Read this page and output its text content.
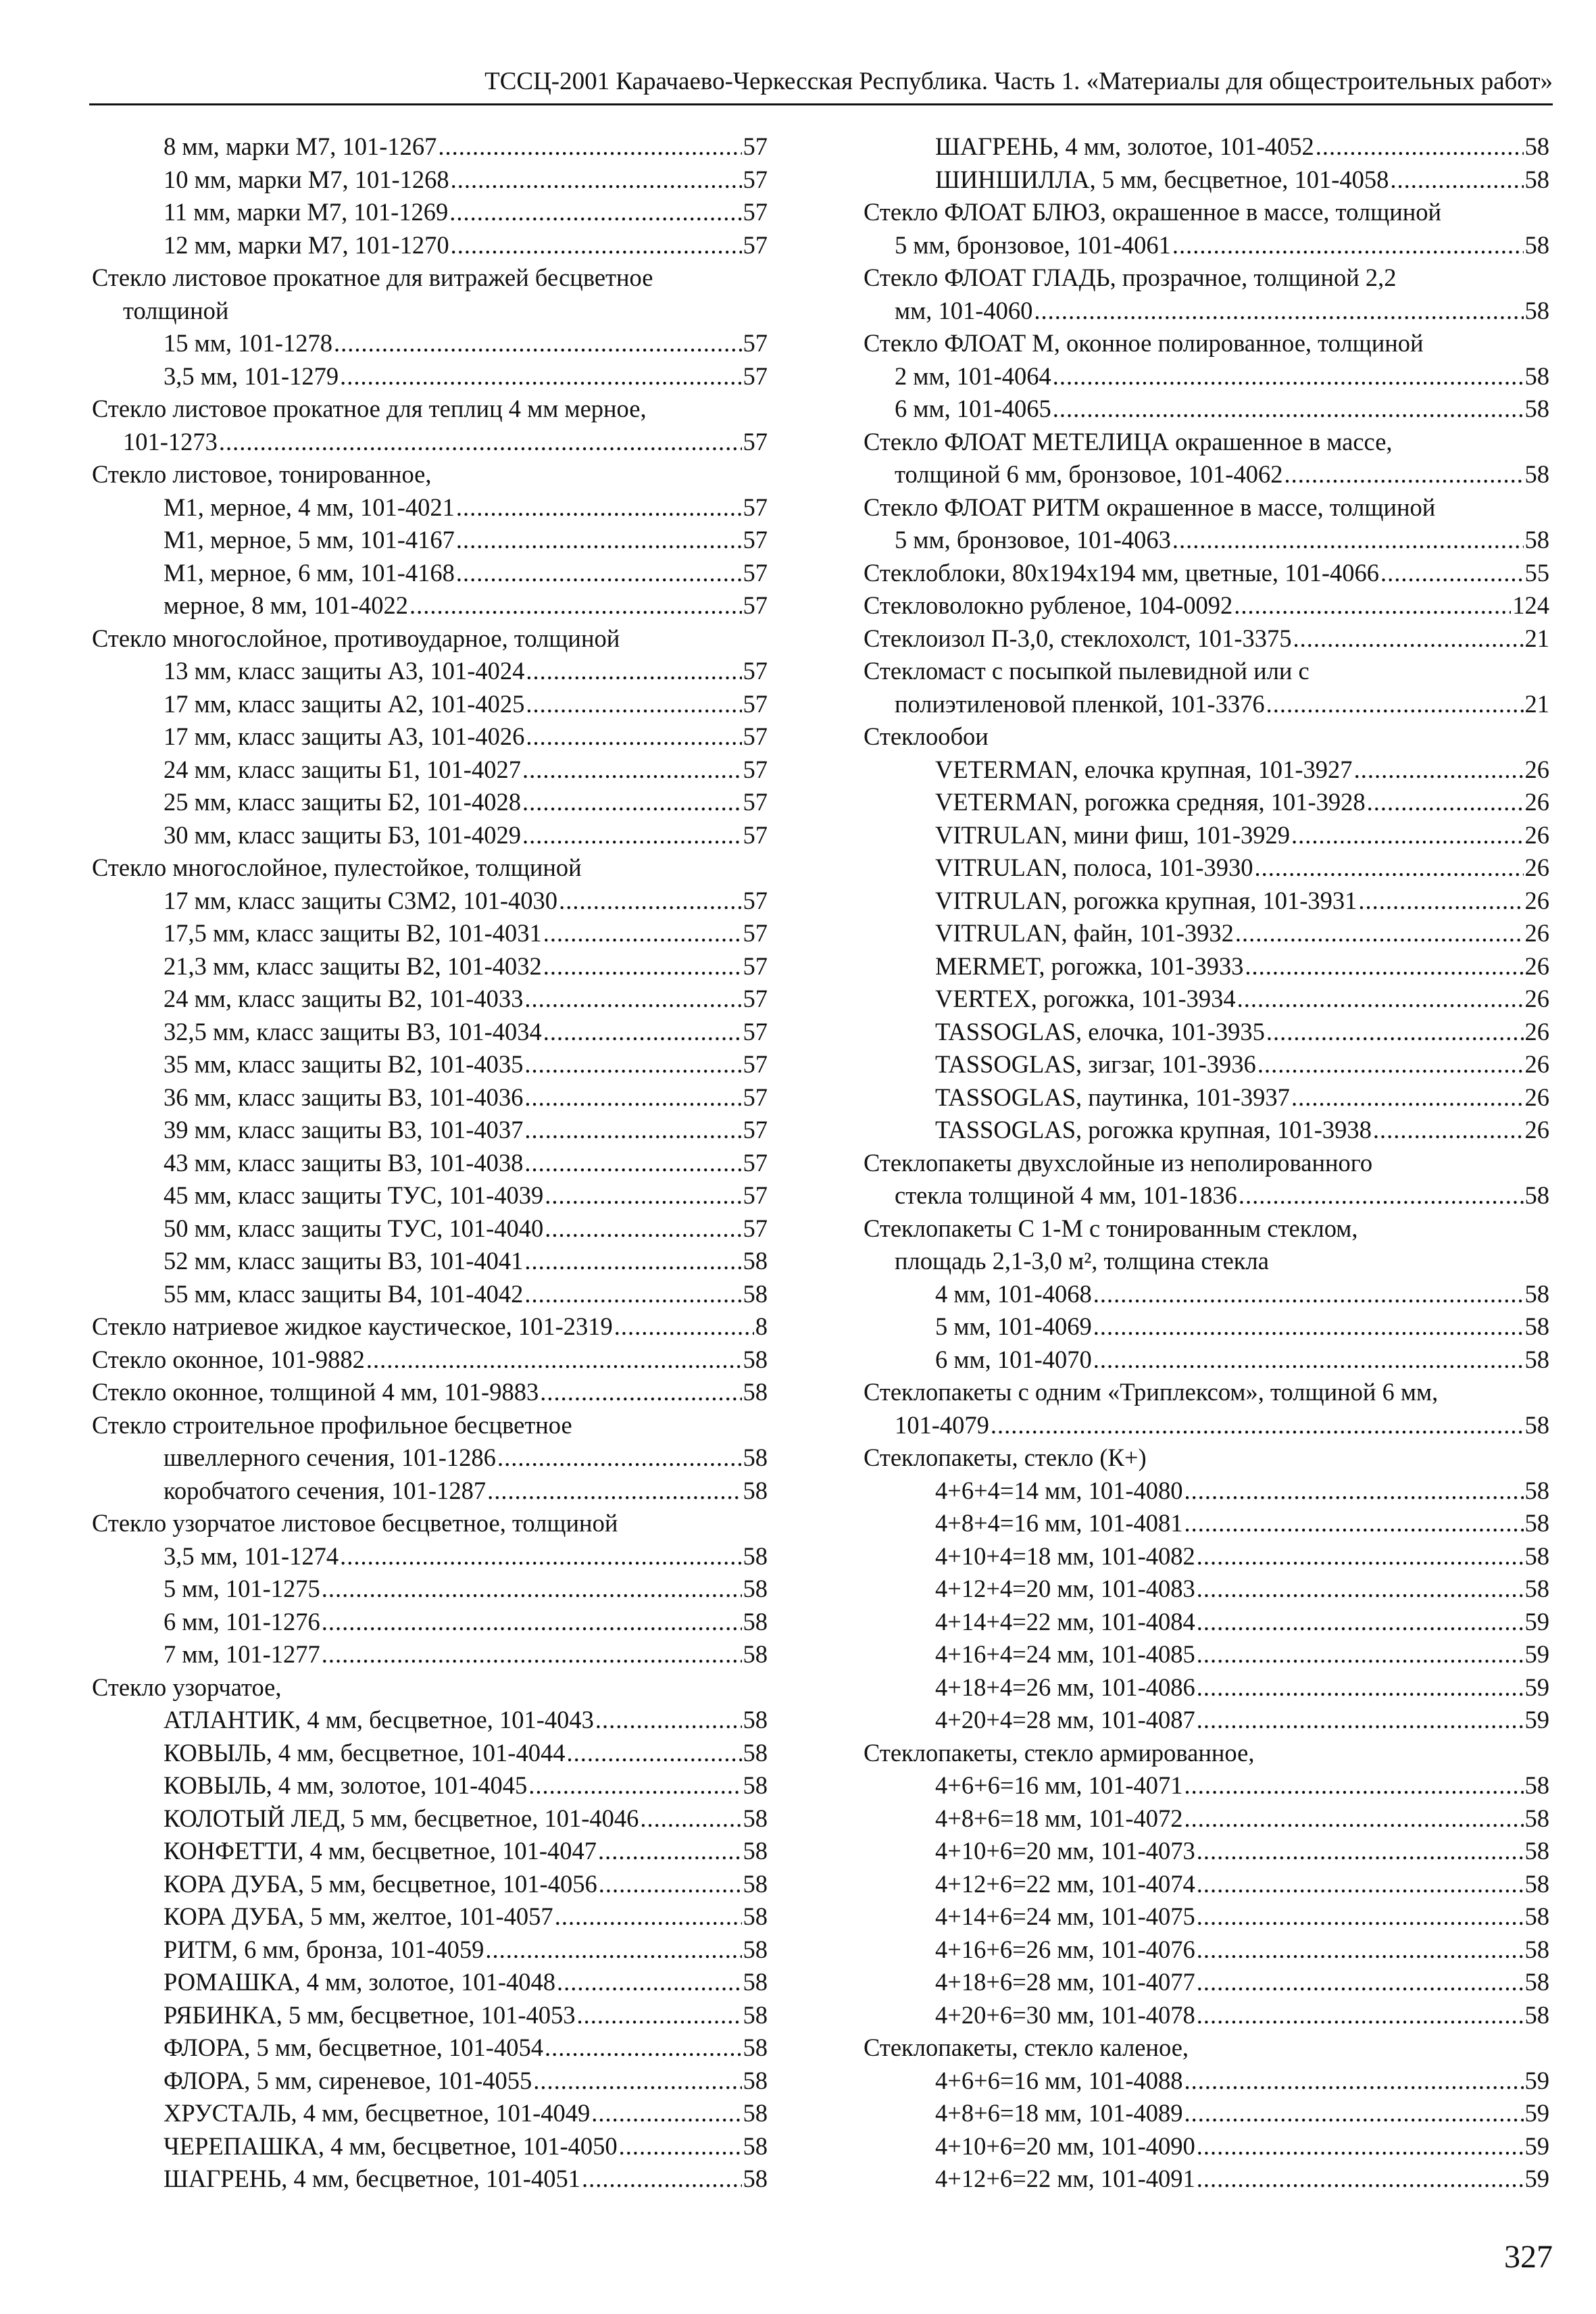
ТССЦ-2001 Карачаево-Черкесская Республика. Часть 1. «Материалы для общестроительных работ»
8 мм, марки М7, 101-1267 .....	57
10 мм, марки М7, 101-1268 .....	57
11 мм, марки М7, 101-1269 .....	57
12 мм, марки М7, 101-1270 .....	57
Стекло листовое прокатное для витражей бесцветное
толщиной
15 мм, 101-1278 .....	57
3,5 мм, 101-1279 .....	57
Стекло листовое прокатное для теплиц 4 мм мерное,
101-1273 .....	57
Стекло листовое, тонированное,
М1, мерное, 4 мм, 101-4021 .....	57
М1, мерное, 5 мм, 101-4167 .....	57
М1, мерное, 6 мм, 101-4168 .....	57
мерное, 8 мм, 101-4022 .....	57
Стекло многослойное, противоударное, толщиной
13 мм, класс защиты А3, 101-4024 .....	57
17 мм, класс защиты А2, 101-4025 .....	57
17 мм, класс защиты А3, 101-4026 .....	57
24 мм, класс защиты Б1, 101-4027 .....	57
25 мм, класс защиты Б2, 101-4028 .....	57
30 мм, класс защиты Б3, 101-4029 .....	57
Стекло многослойное, пулестойкое, толщиной
17 мм, класс защиты С3М2, 101-4030 .....	57
17,5 мм, класс защиты В2, 101-4031 .....	57
21,3 мм, класс защиты В2, 101-4032 .....	57
24 мм, класс защиты В2, 101-4033 .....	57
32,5 мм, класс защиты В3, 101-4034 .....	57
35 мм, класс защиты В2, 101-4035 .....	57
36 мм, класс защиты В3, 101-4036 .....	57
39 мм, класс защиты В3, 101-4037 .....	57
43 мм, класс защиты В3, 101-4038 .....	57
45 мм, класс защиты ТУС, 101-4039 .....	57
50 мм, класс защиты ТУС, 101-4040 .....	57
52 мм, класс защиты В3, 101-4041 .....	58
55 мм, класс защиты В4, 101-4042 .....	58
Стекло натриевое жидкое каустическое, 101-2319 .....	8
Стекло оконное, 101-9882 .....	58
Стекло оконное, толщиной 4 мм, 101-9883 .....	58
Стекло строительное профильное бесцветное
швеллерного сечения, 101-1286 .....	58
коробчатого сечения, 101-1287 .....	58
Стекло узорчатое листовое бесцветное, толщиной
3,5 мм, 101-1274 .....	58
5 мм, 101-1275 .....	58
6 мм, 101-1276 .....	58
7 мм, 101-1277 .....	58
Стекло узорчатое,
АТЛАНТИК, 4 мм, бесцветное, 101-4043 .....	58
КОВЫЛЬ, 4 мм, бесцветное, 101-4044 .....	58
КОВЫЛЬ, 4 мм, золотое, 101-4045 .....	58
КОЛОТЫЙ ЛЕД, 5 мм, бесцветное, 101-4046 .....	58
КОНФЕТТИ, 4 мм, бесцветное, 101-4047 .....	58
КОРА ДУБА, 5 мм, бесцветное, 101-4056 .....	58
КОРА ДУБА, 5 мм, желтое, 101-4057 .....	58
РИТМ, 6 мм, бронза, 101-4059 .....	58
РОМАШКА, 4 мм, золотое, 101-4048 .....	58
РЯБИНКА, 5 мм, бесцветное, 101-4053 .....	58
ФЛОРА, 5 мм, бесцветное, 101-4054 .....	58
ФЛОРА, 5 мм, сиреневое, 101-4055 .....	58
ХРУСТАЛЬ, 4 мм, бесцветное, 101-4049 .....	58
ЧЕРЕПАШКА, 4 мм, бесцветное, 101-4050 .....	58
ШАГРЕНЬ, 4 мм, бесцветное, 101-4051 .....	58
ШАГРЕНЬ, 4 мм, золотое, 101-4052 .....	58
ШИНШИЛЛА, 5 мм, бесцветное, 101-4058 .....	58
Стекло ФЛОАТ БЛЮЗ, окрашенное в массе, толщиной
5 мм, бронзовое, 101-4061 .....	58
Стекло ФЛОАТ ГЛАДЬ, прозрачное, толщиной 2,2
мм, 101-4060 .....	58
Стекло ФЛОАТ М, оконное полированное, толщиной
2 мм, 101-4064 .....	58
6 мм, 101-4065 .....	58
Стекло ФЛОАТ МЕТЕЛИЦА окрашенное в массе,
толщиной 6 мм, бронзовое, 101-4062 .....	58
Стекло ФЛОАТ РИТМ окрашенное в массе, толщиной
5 мм, бронзовое, 101-4063 .....	58
Стеклоблоки, 80х194х194 мм, цветные, 101-4066 .....	55
Стекловолокно рубленое, 104-0092 .....	124
Стеклоизол П-3,0, стеклохолст, 101-3375 .....	21
Стекломаст с посыпкой пылевидной или с
полиэтиленовой пленкой, 101-3376 .....	21
Стеклообои
VETERMAN, елочка крупная, 101-3927 .....	26
VETERMAN, рогожка средняя, 101-3928 .....	26
VITRULAN, мини фиш, 101-3929 .....	26
VITRULAN, полоса, 101-3930 .....	26
VITRULAN, рогожка крупная, 101-3931 .....	26
VITRULAN, файн, 101-3932 .....	26
MERMET, рогожка, 101-3933 .....	26
VERTEX, рогожка, 101-3934 .....	26
TASSOGLAS, елочка, 101-3935 .....	26
TASSOGLAS, зигзаг, 101-3936 .....	26
TASSOGLAS, паутинка, 101-3937 .....	26
TASSOGLAS, рогожка крупная, 101-3938 .....	26
Стеклопакеты двухслойные из неполированного
стекла толщиной 4 мм, 101-1836 .....	58
Стеклопакеты С 1-М с тонированным стеклом,
площадь 2,1-3,0 м², толщина стекла
4 мм, 101-4068 .....	58
5 мм, 101-4069 .....	58
6 мм, 101-4070 .....	58
Стеклопакеты с одним «Триплексом», толщиной 6 мм,
101-4079 .....	58
Стеклопакеты, стекло (К+)
4+6+4=14 мм, 101-4080 .....	58
4+8+4=16 мм, 101-4081 .....	58
4+10+4=18 мм, 101-4082 .....	58
4+12+4=20 мм, 101-4083 .....	58
4+14+4=22 мм, 101-4084 .....	59
4+16+4=24 мм, 101-4085 .....	59
4+18+4=26 мм, 101-4086 .....	59
4+20+4=28 мм, 101-4087 .....	59
Стеклопакеты, стекло армированное,
4+6+6=16 мм, 101-4071 .....	58
4+8+6=18 мм, 101-4072 .....	58
4+10+6=20 мм, 101-4073 .....	58
4+12+6=22 мм, 101-4074 .....	58
4+14+6=24 мм, 101-4075 .....	58
4+16+6=26 мм, 101-4076 .....	58
4+18+6=28 мм, 101-4077 .....	58
4+20+6=30 мм, 101-4078 .....	58
Стеклопакеты, стекло каленое,
4+6+6=16 мм, 101-4088 .....	59
4+8+6=18 мм, 101-4089 .....	59
4+10+6=20 мм, 101-4090 .....	59
4+12+6=22 мм, 101-4091 .....	59
327
